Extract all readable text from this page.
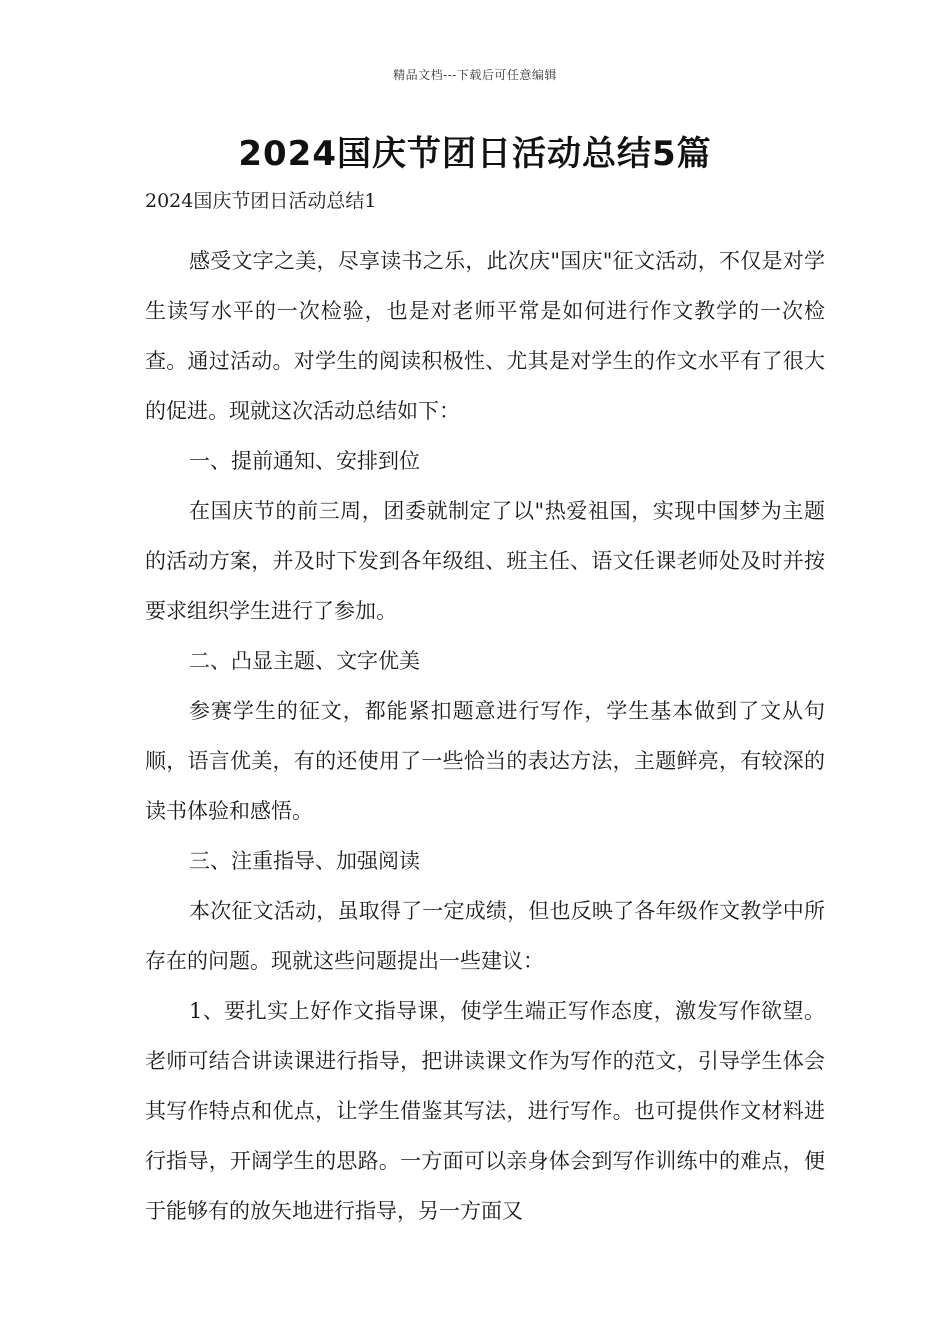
精品文档---下载后可任意编辑
2024国庆节团日活动总结5篇
2024国庆节团日活动总结1

感受文字之美，尽享读书之乐，此次庆"国庆"征文活动，不仅是对学生读写水平的一次检验，也是对老师平常是如何进行作文教学的一次检查。通过活动。对学生的阅读积极性、尤其是对学生的作文水平有了很大的促进。现就这次活动总结如下：

一、提前通知、安排到位

在国庆节的前三周，团委就制定了以"热爱祖国，实现中国梦为主题的活动方案，并及时下发到各年级组、班主任、语文任课老师处及时并按要求组织学生进行了参加。

二、凸显主题、文字优美

参赛学生的征文，都能紧扣题意进行写作，学生基本做到了文从句顺，语言优美，有的还使用了一些恰当的表达方法，主题鲜亮，有较深的读书体验和感悟。

三、注重指导、加强阅读

本次征文活动，虽取得了一定成绩，但也反映了各年级作文教学中所存在的问题。现就这些问题提出一些建议：

1、要扎实上好作文指导课，使学生端正写作态度，激发写作欲望。老师可结合讲读课进行指导，把讲读课文作为写作的范文，引导学生体会其写作特点和优点，让学生借鉴其写法，进行写作。也可提供作文材料进行指导，开阔学生的思路。一方面可以亲身体会到写作训练中的难点，便于能够有的放矢地进行指导，另一方面又
